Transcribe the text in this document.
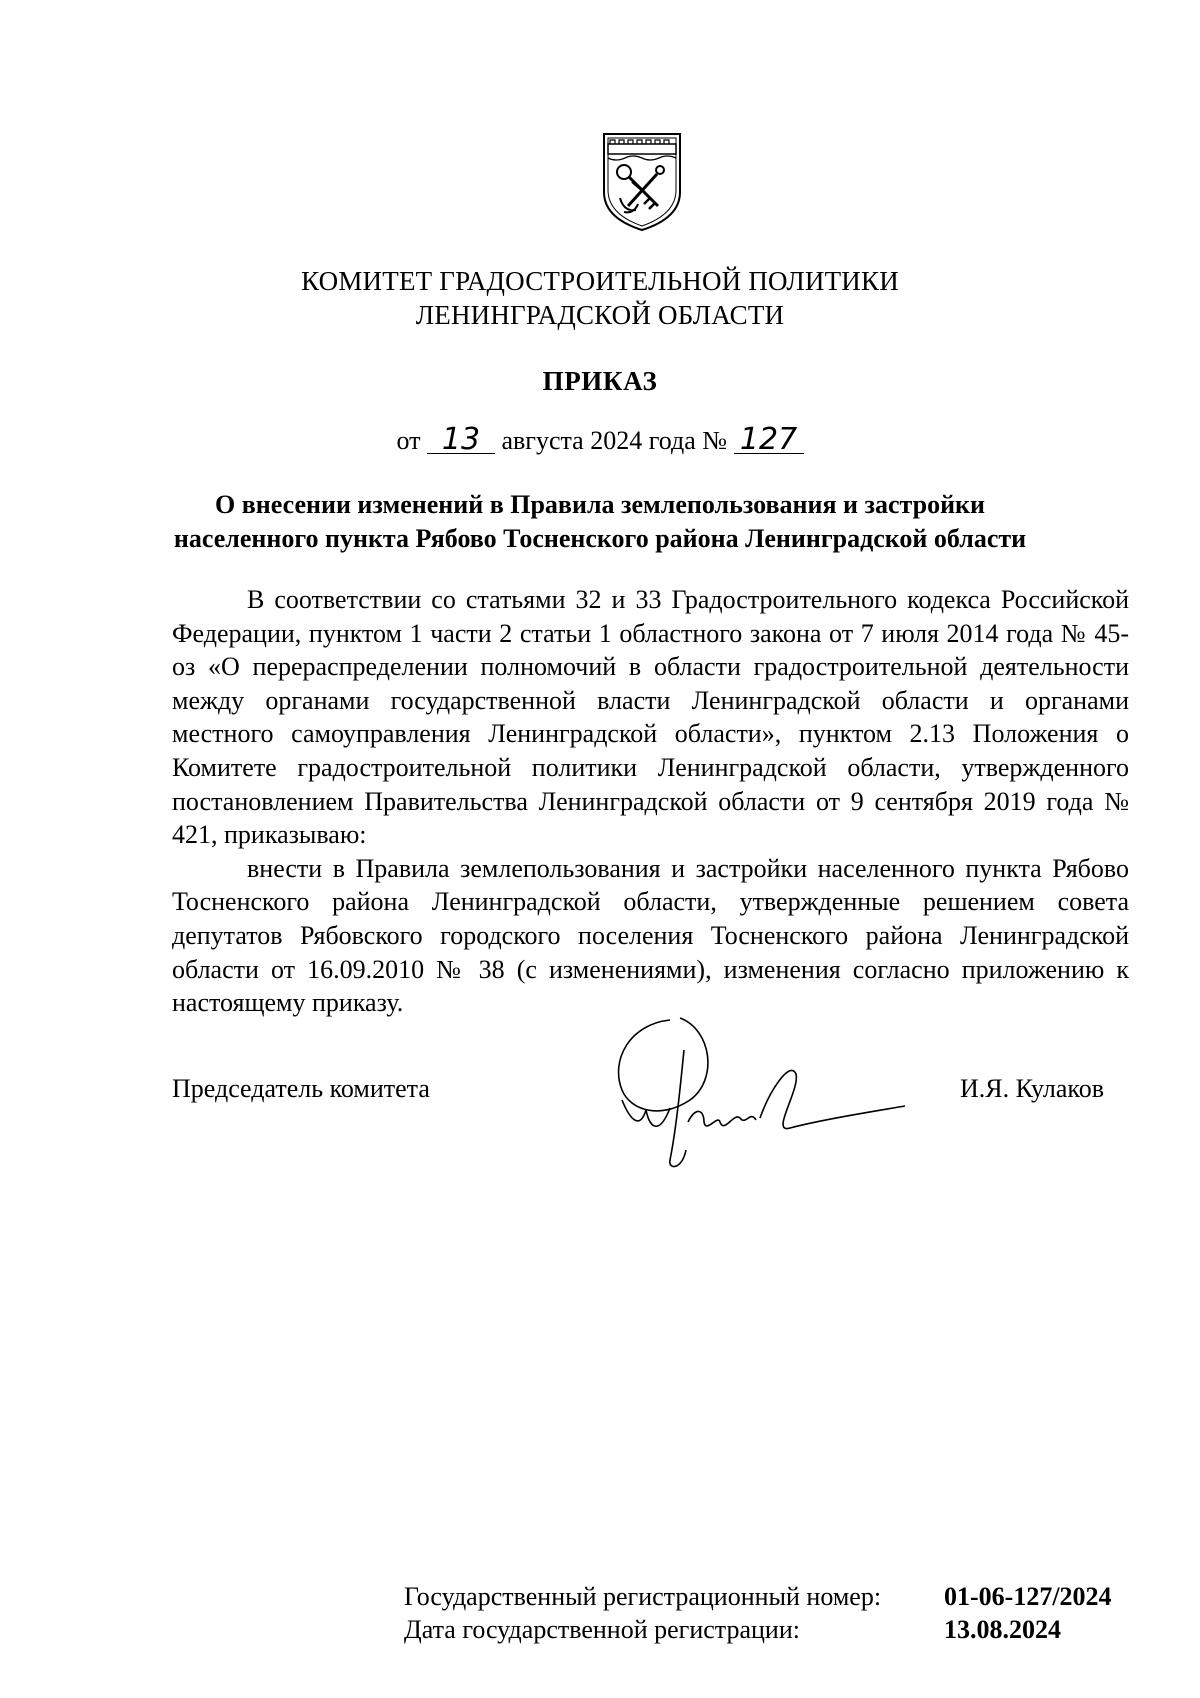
КОМИТЕТ ГРАДОСТРОИТЕЛЬНОЙ ПОЛИТИКИ
ЛЕНИНГРАДСКОЙ ОБЛАСТИ
ПРИКАЗ
от 13 августа 2024 года № 127
О внесении изменений в Правила землепользования и застройки
населенного пункта Рябово Тосненского района Ленинградской области

В соответствии со статьями 32 и 33 Градостроительного кодекса Российской Федерации, пунктом 1 части 2 статьи 1 областного закона от 7 июля 2014 года № 45-оз «О перераспределении полномочий в области градостроительной деятельности между органами государственной власти Ленинградской области и органами местного самоуправления Ленинградской области», пунктом 2.13 Положения о Комитете градостроительной политики Ленинградской области, утвержденного постановлением Правительства Ленинградской области от 9 сентября 2019 года № 421, приказываю:

внести в Правила землепользования и застройки населенного пункта Рябово Тосненского района Ленинградской области, утвержденные решением совета депутатов Рябовского городского поселения Тосненского района Ленинградской области от 16.09.2010 № 38 (с изменениями), изменения согласно приложению к настоящему приказу.

Председатель комитета	И.Я. Кулаков
Государственный регистрационный номер: 01-06-127/2024
Дата государственной регистрации:	13.08.2024
